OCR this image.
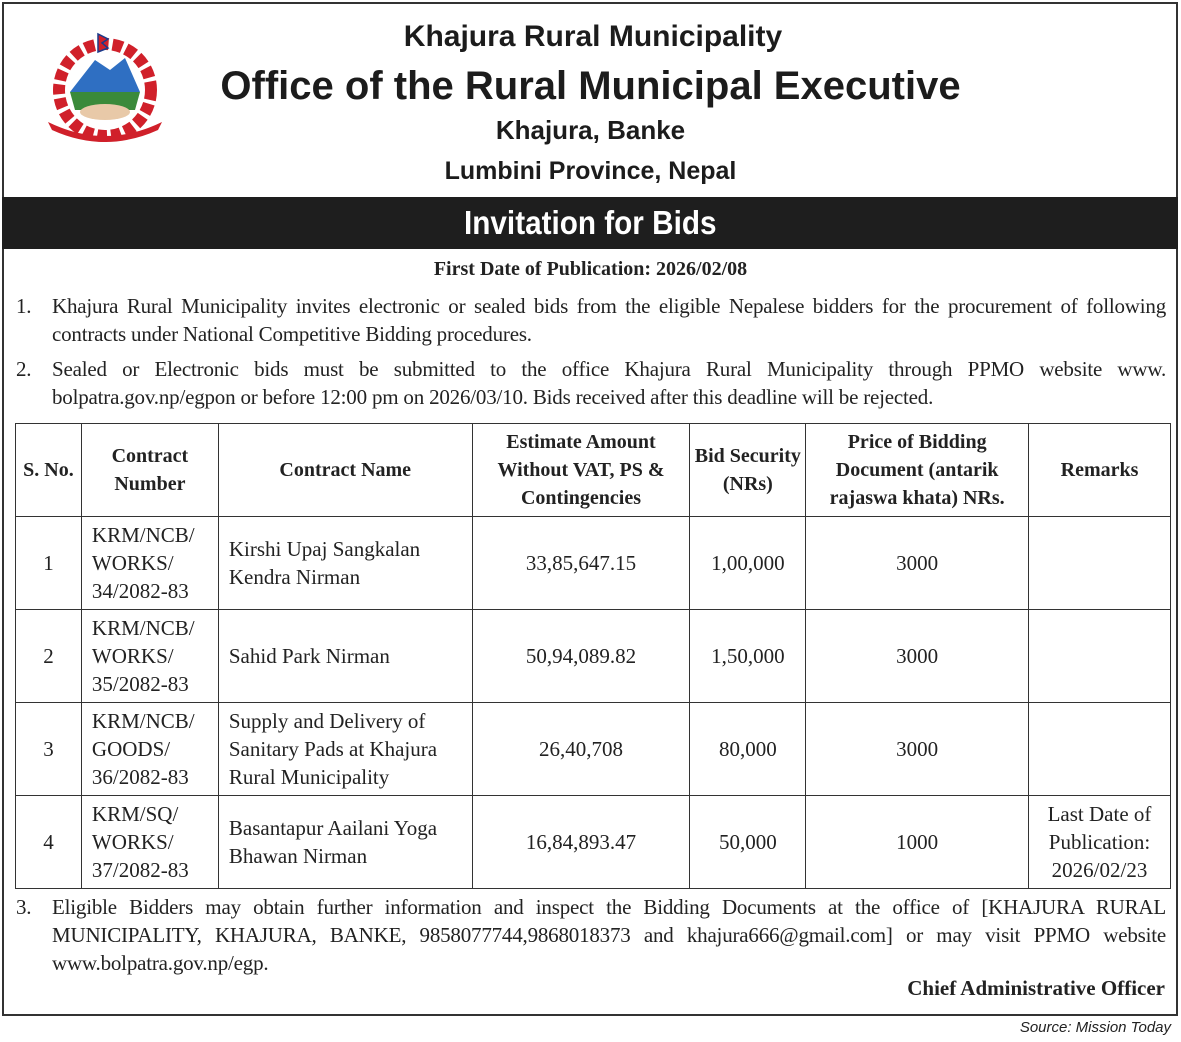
Khajura Rural Municipality
Office of the Rural Municipal Executive
Khajura, Banke
Lumbini Province, Nepal
Invitation for Bids
First Date of Publication: 2026/02/08
1. Khajura Rural Municipality invites electronic or sealed bids from the eligible Nepalese bidders for the procurement of following contracts under National Competitive Bidding procedures.
2. Sealed or Electronic bids must be submitted to the office Khajura Rural Municipality through PPMO website www. bolpatra.gov.np/egpon or before 12:00 pm on 2026/03/10. Bids received after this deadline will be rejected.
S. No.	Contract Number	Contract Name	Estimate Amount Without VAT, PS & Contingencies	Bid Security (NRs)	Price of Bidding Document (antarik rajaswa khata) NRs.	Remarks
1	KRM/NCB/ WORKS/ 34/2082-83	Kirshi Upaj Sangkalan Kendra Nirman	33,85,647.15	1,00,000	3000	
2	KRM/NCB/ WORKS/ 35/2082-83	Sahid Park Nirman	50,94,089.82	1,50,000	3000	
3	KRM/NCB/ GOODS/ 36/2082-83	Supply and Delivery of Sanitary Pads at Khajura Rural Municipality	26,40,708	80,000	3000	
4	KRM/SQ/ WORKS/ 37/2082-83	Basantapur Aailani Yoga Bhawan Nirman	16,84,893.47	50,000	1000	Last Date of Publication: 2026/02/23
3. Eligible Bidders may obtain further information and inspect the Bidding Documents at the office of [KHAJURA RURAL MUNICIPALITY, KHAJURA, BANKE, 9858077744,9868018373 and khajura666@gmail.com] or may visit PPMO website www.bolpatra.gov.np/egp.
Chief Administrative Officer
Source: Mission Today
